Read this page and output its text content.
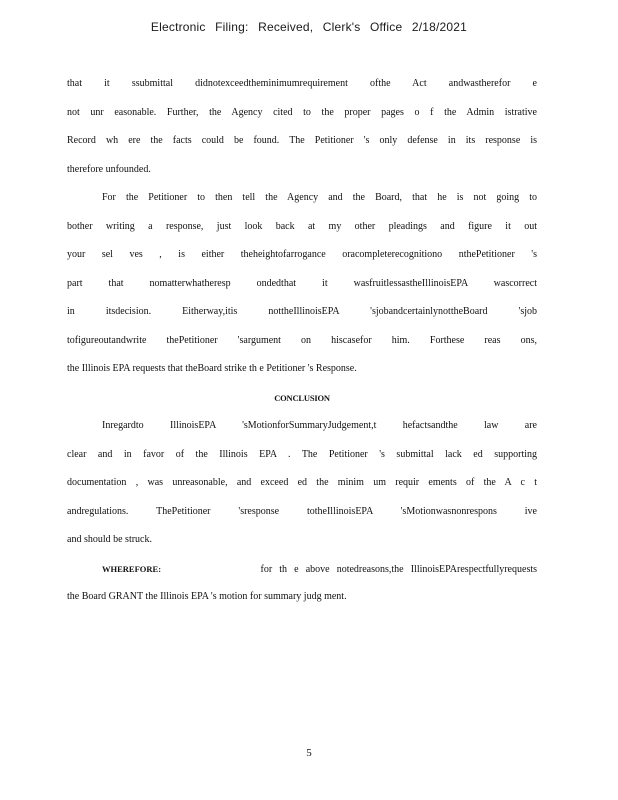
Electronic Filing: Received, Clerk's Office 2/18/2021
that it ssubmittal didnotexceedtheminimumrequirement ofthe Act andwastherefor e
not unr easonable. Further, the Agency cited to the proper pages o f the Admin istrative
Record wh ere the facts could be found. The Petitioner 's only defense in its response is
therefore unfounded.
For the Petitioner to then tell the Agency and the Board, that he is not going to
bother writing a response, just look back at my other pleadings and figure it out
your sel ves , is either theheightofarrogance oracompleterecognitiono nthePetitioner 's
part that nomatterwhatheresp ondedthat it wasfruitlessastheIllinoisEPA wascorrect
in itsdecision. Eitherway,itis nottheIllinoisEPA 'sjobandcertainlynottheBoard 'sjob
tofigureoutandwrite thePetitioner 'sargument on hiscasefor him. Forthese reas ons,
the Illinois EPA requests that theBoard strike th e Petitioner 's Response.
CONCLUSION
Inregardto IllinoisEPA 'sMotionforSummaryJudgement,t hefactsandthe law are
clear and in favor of the Illinois EPA . The Petitioner 's submittal lack ed supporting
documentation , was unreasonable, and exceed ed the minim um requir ements of the A c t
andregulations. ThePetitioner 'sresponse totheIllinoisEPA 'sMotionwasnonrespons ive
and should be struck.
WHEREFORE:	for th e above notedreasons,the IllinoisEPArespectfullyrequests
the Board GRANT the Illinois EPA 's motion for summary judg ment.
5
